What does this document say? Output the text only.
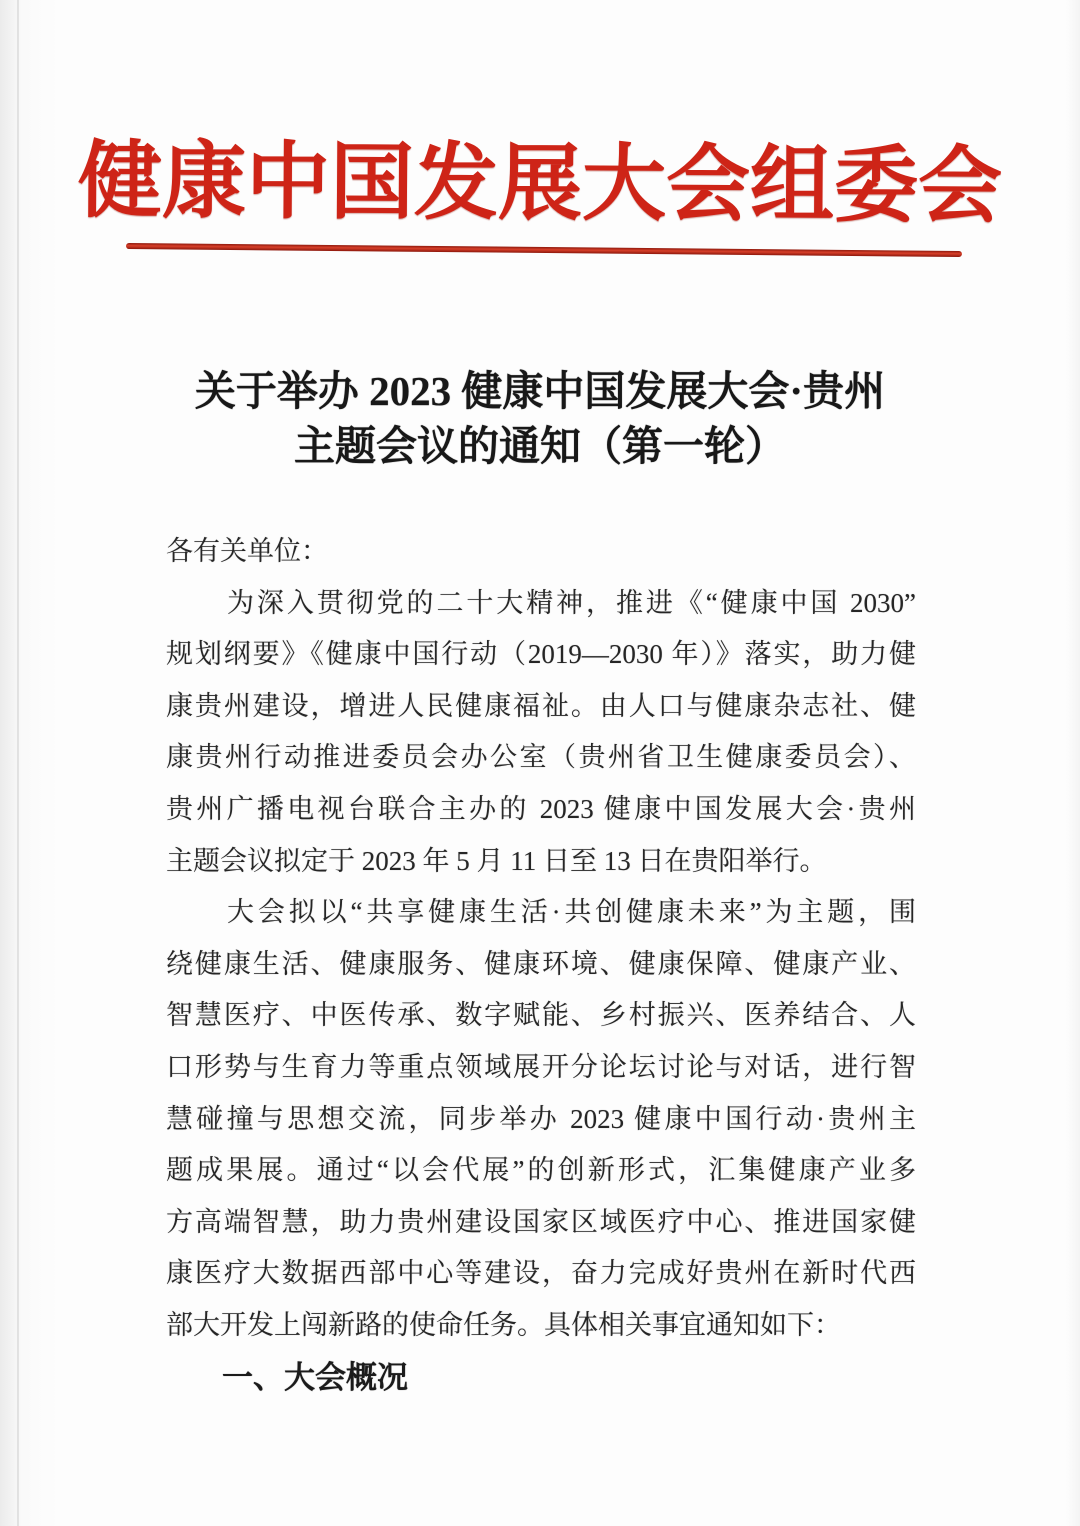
健康中国发展大会组委会
关于举办 2023 健康中国发展大会·贵州
主题会议的通知（第一轮）
各有关单位：
为深入贯彻党的二十大精神，推进《“健康中国 2030”
规划纲要》《健康中国行动（2019—2030 年）》落实，助力健
康贵州建设，增进人民健康福祉。由人口与健康杂志社、健
康贵州行动推进委员会办公室（贵州省卫生健康委员会）、
贵州广播电视台联合主办的 2023 健康中国发展大会·贵州
主题会议拟定于 2023 年 5 月 11 日至 13 日在贵阳举行。
大会拟以“共享健康生活·共创健康未来”为主题，围
绕健康生活、健康服务、健康环境、健康保障、健康产业、
智慧医疗、中医传承、数字赋能、乡村振兴、医养结合、人
口形势与生育力等重点领域展开分论坛讨论与对话，进行智
慧碰撞与思想交流，同步举办 2023 健康中国行动·贵州主
题成果展。通过“以会代展”的创新形式，汇集健康产业多
方高端智慧，助力贵州建设国家区域医疗中心、推进国家健
康医疗大数据西部中心等建设，奋力完成好贵州在新时代西
部大开发上闯新路的使命任务。具体相关事宜通知如下：
一、大会概况
